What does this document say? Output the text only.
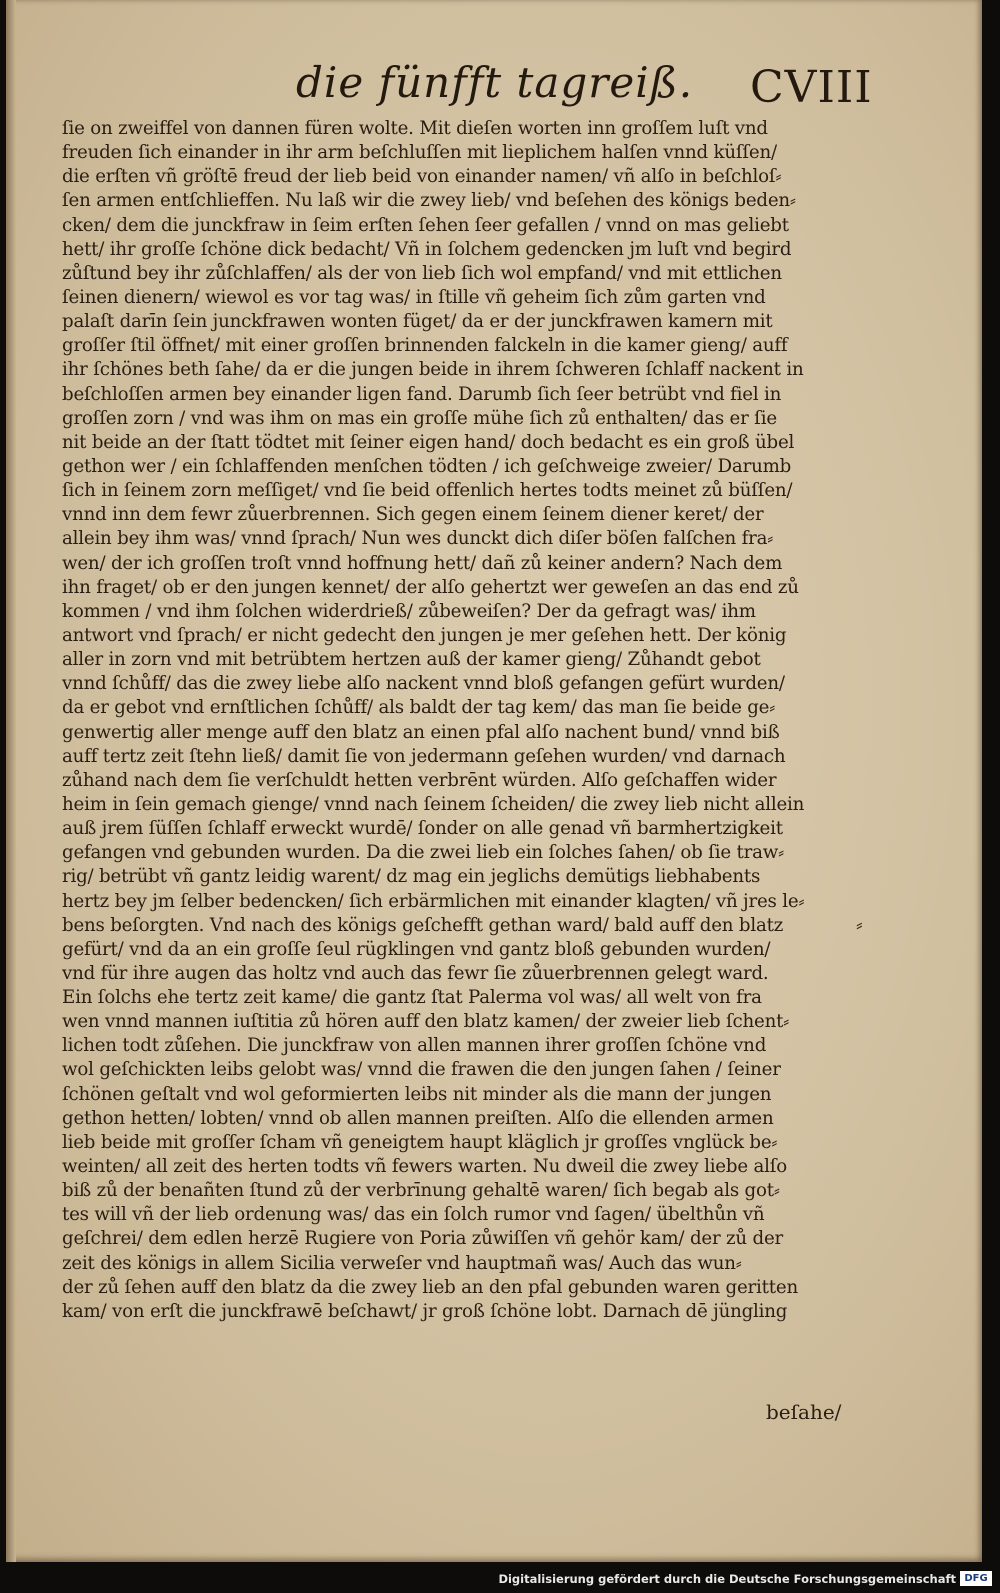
die fünfft tagreiß. CVIII
ſie on zweiffel von dannen füren wolte. Mit dieſen worten inn groſſem luſt vnd
freuden ſich einander in ihr arm beſchluſſen mit lieplichem halſen vnnd küſſen/
die erſten vñ gröſtē freud der lieb beid von einander namen/ vñ alſo in beſchloſ⸗
ſen armen entſchlieffen. Nu laß wir die zwey lieb/ vnd beſehen des königs beden⸗
cken/ dem die junckfraw in ſeim erſten ſehen ſeer gefallen / vnnd on mas geliebt
hett/ ihr groſſe ſchöne dick bedacht/ Vñ in ſolchem gedencken jm luſt vnd begird
zůſtund bey ihr zůſchlaffen/ als der von lieb ſich wol empfand/ vnd mit ettlichen
ſeinen dienern/ wiewol es vor tag was/ in ſtille vñ geheim ſich zům garten vnd
palaſt darīn ſein junckfrawen wonten füget/ da er der junckfrawen kamern mit
groſſer ſtil öffnet/ mit einer groſſen brinnenden falckeln in die kamer gieng/ auff
ihr ſchönes beth ſahe/ da er die jungen beide in ihrem ſchweren ſchlaff nackent in
beſchloſſen armen bey einander ligen fand. Darumb ſich ſeer betrübt vnd fiel in
groſſen zorn / vnd was ihm on mas ein groſſe mühe ſich zů enthalten/ das er ſie
nit beide an der ſtatt tödtet mit ſeiner eigen hand/ doch bedacht es ein groß übel
gethon wer / ein ſchlaffenden menſchen tödten / ich geſchweige zweier/ Darumb
ſich in ſeinem zorn meſſiget/ vnd ſie beid offenlich hertes todts meinet zů büſſen/
vnnd inn dem fewr zůuerbrennen. Sich gegen einem ſeinem diener keret/ der
allein bey ihm was/ vnnd ſprach/ Nun wes dunckt dich diſer böſen falſchen fra⸗
wen/ der ich groſſen troſt vnnd hoffnung hett/ dañ zů keiner andern? Nach dem
ihn fraget/ ob er den jungen kennet/ der alſo gehertzt wer geweſen an das end zů
kommen / vnd ihm ſolchen widerdrieß/ zůbeweiſen? Der da gefragt was/ ihm
antwort vnd ſprach/ er nicht gedecht den jungen je mer geſehen hett. Der könig
aller in zorn vnd mit betrübtem hertzen auß der kamer gieng/ Zůhandt gebot
vnnd ſchůff/ das die zwey liebe alſo nackent vnnd bloß gefangen gefürt wurden/
da er gebot vnd ernſtlichen ſchůff/ als baldt der tag kem/ das man ſie beide ge⸗
genwertig aller menge auff den blatz an einen pfal alſo nachent bund/ vnnd biß
auff tertz zeit ſtehn ließ/ damit ſie von jedermann geſehen wurden/ vnd darnach
zůhand nach dem ſie verſchuldt hetten verbrēnt würden. Alſo geſchaffen wider
heim in ſein gemach gienge/ vnnd nach ſeinem ſcheiden/ die zwey lieb nicht allein
auß jrem ſüſſen ſchlaff erweckt wurdē/ ſonder on alle genad vñ barmhertzigkeit
gefangen vnd gebunden wurden. Da die zwei lieb ein ſolches ſahen/ ob ſie traw⸗
rig/ betrübt vñ gantz leidig warent/ dz mag ein jeglichs demütigs liebhabents
hertz bey jm ſelber bedencken/ ſich erbärmlichen mit einander klagten/ vñ jres le⸗
bens beſorgten. Vnd nach des königs geſchefft gethan ward/ bald auff den blatz
gefürt/ vnd da an ein groſſe ſeul rügklingen vnd gantz bloß gebunden wurden/
vnd für ihre augen das holtz vnd auch das fewr ſie zůuerbrennen gelegt ward.
Ein ſolchs ehe tertz zeit kame/ die gantz ſtat Palerma vol was/ all welt von fra
wen vnnd mannen iuſtitia zů hören auff den blatz kamen/ der zweier lieb ſchent⸗
lichen todt zůſehen. Die junckfraw von allen mannen ihrer groſſen ſchöne vnd
wol geſchickten leibs gelobt was/ vnnd die frawen die den jungen ſahen / ſeiner
ſchönen geſtalt vnd wol geformierten leibs nit minder als die mann der jungen
gethon hetten/ lobten/ vnnd ob allen mannen preiſten. Alſo die ellenden armen
lieb beide mit groſſer ſcham vñ geneigtem haupt kläglich jr groſſes vnglück be⸗
weinten/ all zeit des herten todts vñ fewers warten. Nu dweil die zwey liebe alſo
biß zů der benañten ſtund zů der verbrīnung gehaltē waren/ ſich begab als got⸗
tes will vñ der lieb ordenung was/ das ein ſolch rumor vnd ſagen/ übelthůn vñ
geſchrei/ dem edlen herzē Rugiere von Poria zůwiſſen vñ gehör kam/ der zů der
zeit des königs in allem Sicilia verweſer vnd hauptmañ was/ Auch das wun⸗
der zů ſehen auff den blatz da die zwey lieb an den pfal gebunden waren geritten
kam/ von erſt die junckfrawē beſchawt/ jr groß ſchöne lobt. Darnach dē jüngling
⸗
beſahe/
Digitalisierung gefördert durch die Deutsche Forschungsgemeinschaft DFG
